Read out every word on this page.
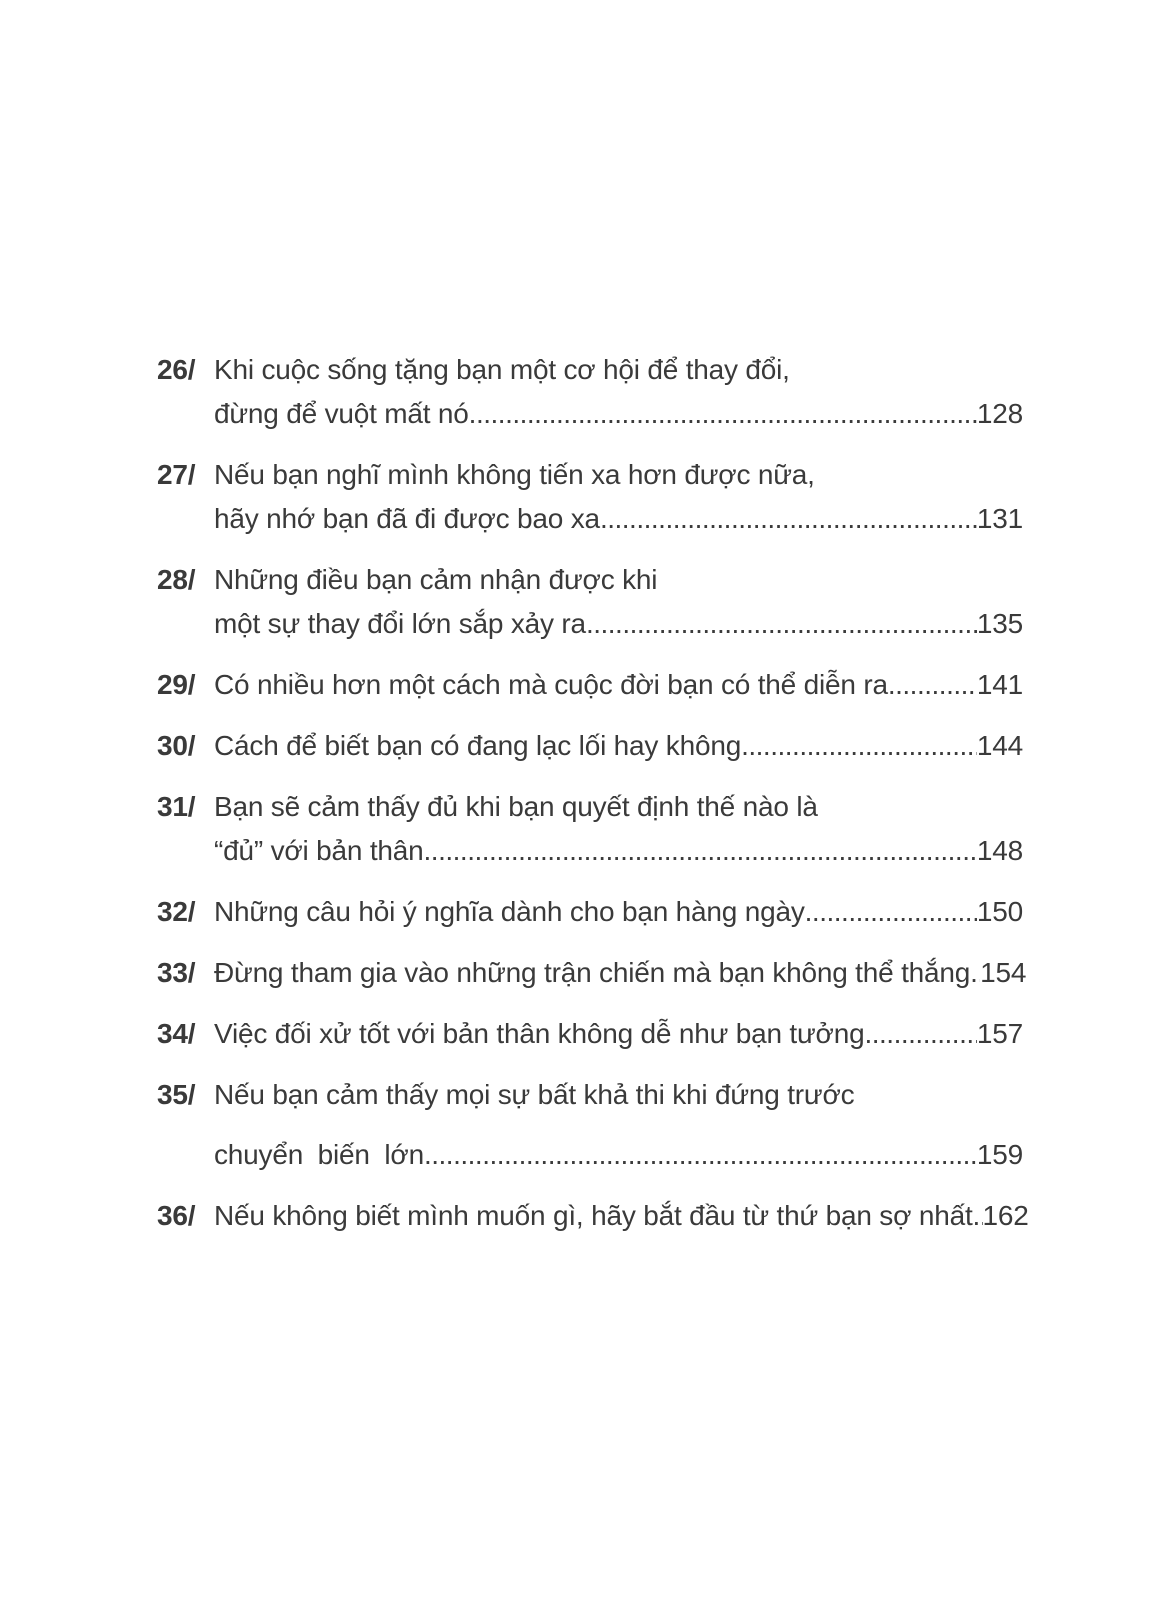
26/ Khi cuộc sống tặng bạn một cơ hội để thay đổi,
đừng để vuột mất nó .....	128
27/ Nếu bạn nghĩ mình không tiến xa hơn được nữa,
hãy nhớ bạn đã đi được bao xa .....	131
28/ Những điều bạn cảm nhận được khi
một sự thay đổi lớn sắp xảy ra .....	135
29/ Có nhiều hơn một cách mà cuộc đời bạn có thể diễn ra .....	141
30/ Cách để biết bạn có đang lạc lối hay không .....	144
31/ Bạn sẽ cảm thấy đủ khi bạn quyết định thế nào là
“đủ” với bản thân .....	148
32/ Những câu hỏi ý nghĩa dành cho bạn hàng ngày .....	150
33/ Đừng tham gia vào những trận chiến mà bạn không thể thắng ..... 154
34/ Việc đối xử tốt với bản thân không dễ như bạn tưởng .....	157
35/ Nếu bạn cảm thấy mọi sự bất khả thi khi đứng trước
chuyển biến lớn .....	159
36/ Nếu không biết mình muốn gì, hãy bắt đầu từ thứ bạn sợ nhất ..... 162
